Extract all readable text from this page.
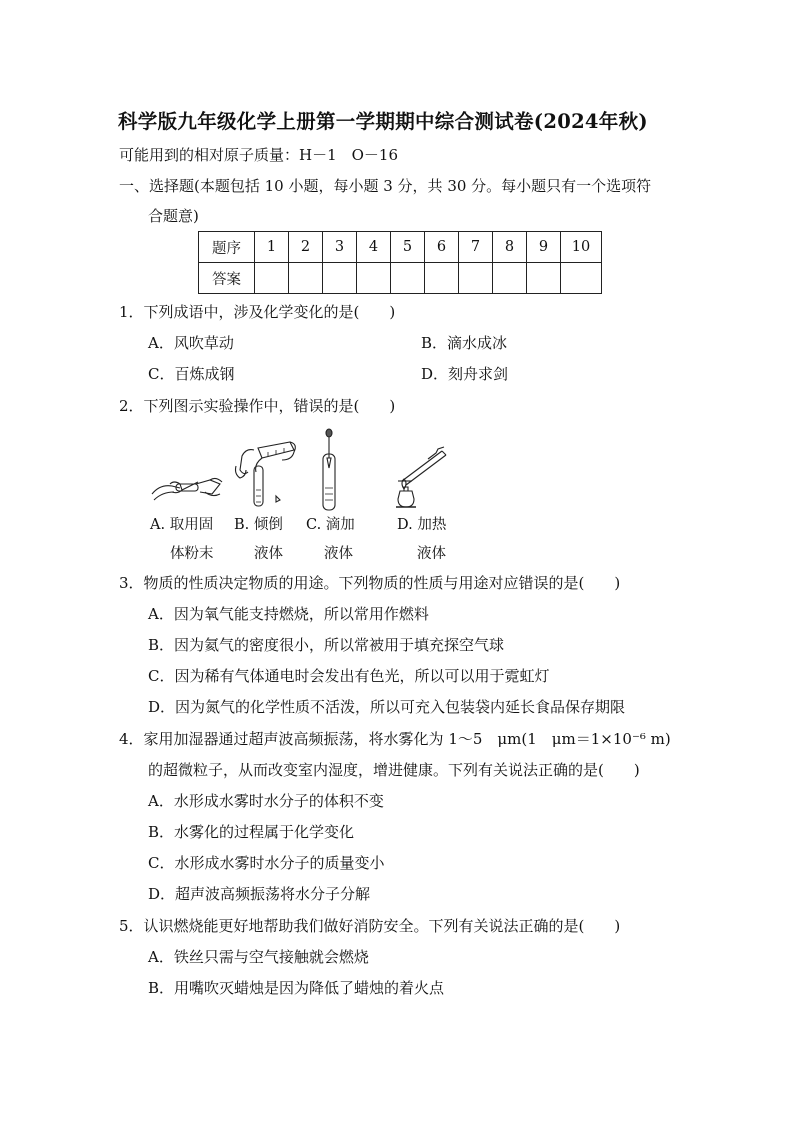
科学版九年级化学上册第一学期期中综合测试卷(2024年秋)
可能用到的相对原子质量：H－1　O－16
一、选择题(本题包括 10 小题，每小题 3 分，共 30 分。每小题只有一个选项符
合题意)
题序	1	2	3	4	5	6	7	8	9	10
答案										
1．下列成语中，涉及化学变化的是(　　)
A．风吹草动	B．滴水成冰
C．百炼成钢	D．刻舟求剑
2．下列图示实验操作中，错误的是(　　)
A. 取用固
体粉末
B. 倾倒
液体
C. 滴加
液体
D. 加热
液体
3．物质的性质决定物质的用途。下列物质的性质与用途对应错误的是(　　)
A．因为氧气能支持燃烧，所以常用作燃料
B．因为氦气的密度很小，所以常被用于填充探空气球
C．因为稀有气体通电时会发出有色光，所以可以用于霓虹灯
D．因为氮气的化学性质不活泼，所以可充入包装袋内延长食品保存期限
4．家用加湿器通过超声波高频振荡，将水雾化为 1～5　μm(1　μm＝1×10⁻⁶ m)
的超微粒子，从而改变室内湿度，增进健康。下列有关说法正确的是(　　)
A．水形成水雾时水分子的体积不变
B．水雾化的过程属于化学变化
C．水形成水雾时水分子的质量变小
D．超声波高频振荡将水分子分解
5．认识燃烧能更好地帮助我们做好消防安全。下列有关说法正确的是(　　)
A．铁丝只需与空气接触就会燃烧
B．用嘴吹灭蜡烛是因为降低了蜡烛的着火点
